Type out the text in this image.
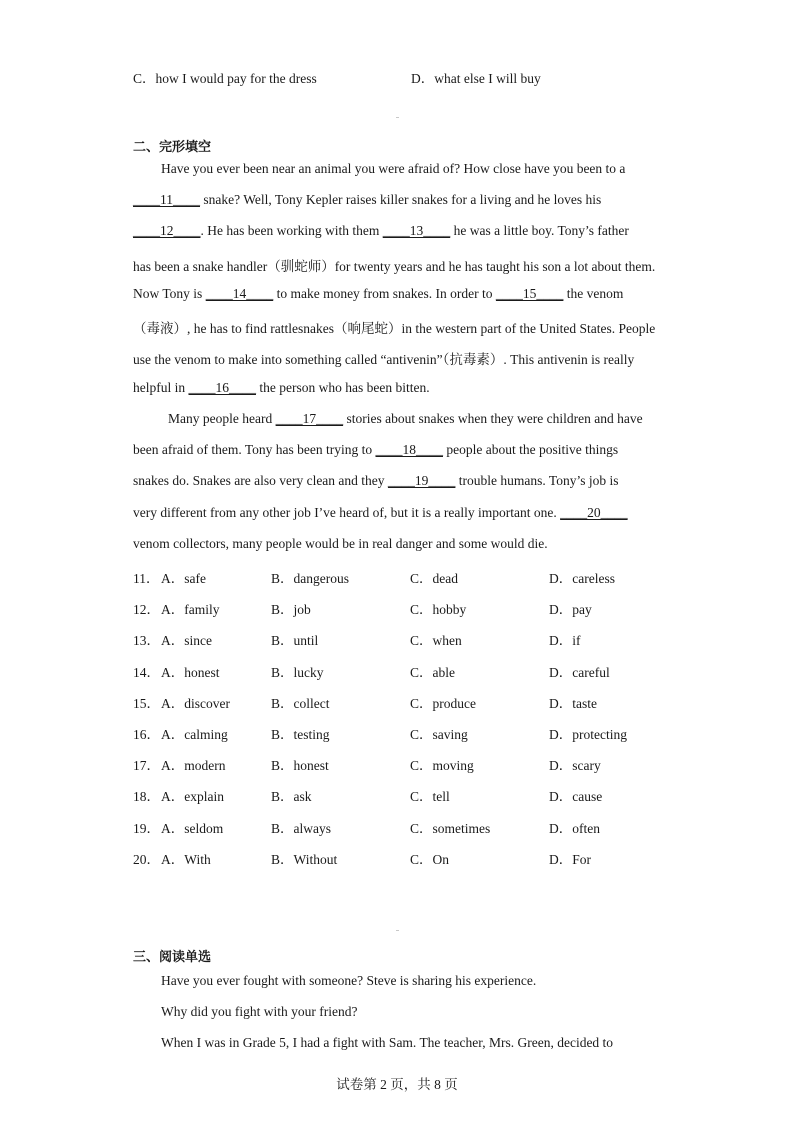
C．how I would pay for the dress	D．what else I will buy
二、完形填空
Have you ever been near an animal you were afraid of? How close have you been to a
____11____ snake? Well, Tony Kepler raises killer snakes for a living and he loves his
____12____. He has been working with them ____13____ he was a little boy. Tony’s father
has been a snake handler（驯蛇师）for twenty years and he has taught his son a lot about them.
Now Tony is ____14____ to make money from snakes. In order to ____15____ the venom
（毒液）, he has to find rattlesnakes（响尾蛇）in the western part of the United States. People
use the venom to make into something called “antivenin”（抗毒素）. This antivenin is really
helpful in ____16____ the person who has been bitten.
Many people heard ____17____ stories about snakes when they were children and have
been afraid of them. Tony has been trying to ____18____ people about the positive things
snakes do. Snakes are also very clean and they ____19____ trouble humans. Tony’s job is
very different from any other job I’ve heard of, but it is a really important one. ____20____
venom collectors, many people would be in real danger and some would die.
11． A．safe	B．dangerous	C．dead	D．careless
12． A．family	B．job	C．hobby	D．pay
13． A．since	B．until	C．when	D．if
14． A．honest	B．lucky	C．able	D．careful
15． A．discover	B．collect	C．produce	D．taste
16． A．calming	B．testing	C．saving	D．protecting
17． A．modern	B．honest	C．moving	D．scary
18． A．explain	B．ask	C．tell	D．cause
19． A．seldom	B．always	C．sometimes	D．often
20． A．With	B．Without	C．On	D．For
三、阅读单选
Have you ever fought with someone? Steve is sharing his experience.
Why did you fight with your friend?
When I was in Grade 5, I had a fight with Sam. The teacher, Mrs. Green, decided to
试卷第 2 页，共 8 页
